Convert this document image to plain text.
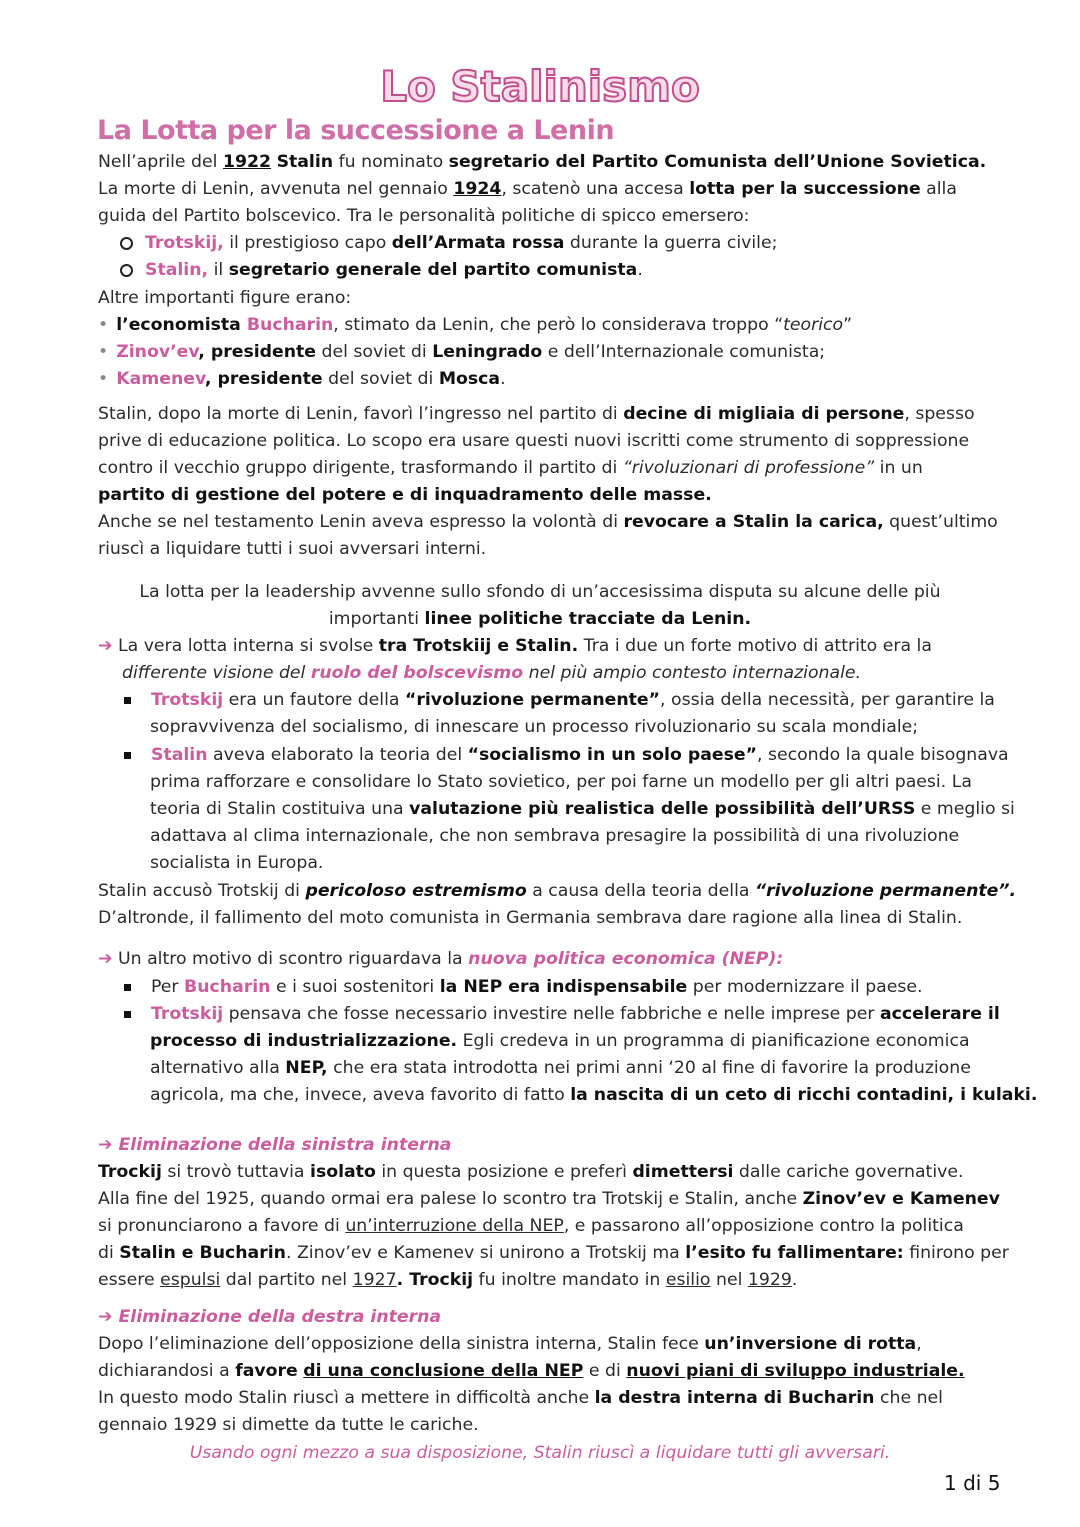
Lo Stalinismo
La Lotta per la successione a Lenin
Nell’aprile del 1922 Stalin fu nominato segretario del Partito Comunista dell’Unione Sovietica.
La morte di Lenin, avvenuta nel gennaio 1924, scatenò una accesa lotta per la successione alla
guida del Partito bolscevico. Tra le personalità politiche di spicco emersero:
Trotskij, il prestigioso capo dell’Armata rossa durante la guerra civile;
Stalin, il segretario generale del partito comunista.
Altre importanti figure erano:
• l’economista Bucharin, stimato da Lenin, che però lo considerava troppo “teorico”
• Zinov’ev, presidente del soviet di Leningrado e dell’Internazionale comunista;
• Kamenev, presidente del soviet di Mosca.
Stalin, dopo la morte di Lenin, favorì l’ingresso nel partito di decine di migliaia di persone, spesso
prive di educazione politica. Lo scopo era usare questi nuovi iscritti come strumento di soppressione
contro il vecchio gruppo dirigente, trasformando il partito di “rivoluzionari di professione” in un
partito di gestione del potere e di inquadramento delle masse.
Anche se nel testamento Lenin aveva espresso la volontà di revocare a Stalin la carica, quest’ultimo
riuscì a liquidare tutti i suoi avversari interni.
La lotta per la leadership avvenne sullo sfondo di un’accesissima disputa su alcune delle più
importanti linee politiche tracciate da Lenin.
➔ La vera lotta interna si svolse tra Trotskiij e Stalin. Tra i due un forte motivo di attrito era la
differente visione del ruolo del bolscevismo nel più ampio contesto internazionale.
Trotskij era un fautore della “rivoluzione permanente”, ossia della necessità, per garantire la
sopravvivenza del socialismo, di innescare un processo rivoluzionario su scala mondiale;
Stalin aveva elaborato la teoria del “socialismo in un solo paese”, secondo la quale bisognava
prima rafforzare e consolidare lo Stato sovietico, per poi farne un modello per gli altri paesi. La
teoria di Stalin costituiva una valutazione più realistica delle possibilità dell’URSS e meglio si
adattava al clima internazionale, che non sembrava presagire la possibilità di una rivoluzione
socialista in Europa.
Stalin accusò Trotskij di pericoloso estremismo a causa della teoria della “rivoluzione permanente”.
D’altronde, il fallimento del moto comunista in Germania sembrava dare ragione alla linea di Stalin.
➔ Un altro motivo di scontro riguardava la nuova politica economica (NEP):
Per Bucharin e i suoi sostenitori la NEP era indispensabile per modernizzare il paese.
Trotskij pensava che fosse necessario investire nelle fabbriche e nelle imprese per accelerare il
processo di industrializzazione. Egli credeva in un programma di pianificazione economica
alternativo alla NEP, che era stata introdotta nei primi anni ‘20 al fine di favorire la produzione
agricola, ma che, invece, aveva favorito di fatto la nascita di un ceto di ricchi contadini, i kulaki.
➔ Eliminazione della sinistra interna
Trockij si trovò tuttavia isolato in questa posizione e preferì dimettersi dalle cariche governative.
Alla fine del 1925, quando ormai era palese lo scontro tra Trotskij e Stalin, anche Zinov’ev e Kamenev
si pronunciarono a favore di un’interruzione della NEP, e passarono all’opposizione contro la politica
di Stalin e Bucharin. Zinov’ev e Kamenev si unirono a Trotskij ma l’esito fu fallimentare: finirono per
essere espulsi dal partito nel 1927. Trockij fu inoltre mandato in esilio nel 1929.
➔ Eliminazione della destra interna
Dopo l’eliminazione dell’opposizione della sinistra interna, Stalin fece un’inversione di rotta,
dichiarandosi a favore di una conclusione della NEP e di nuovi piani di sviluppo industriale.
In questo modo Stalin riuscì a mettere in difficoltà anche la destra interna di Bucharin che nel
gennaio 1929 si dimette da tutte le cariche.
Usando ogni mezzo a sua disposizione, Stalin riuscì a liquidare tutti gli avversari.
1 di 5
